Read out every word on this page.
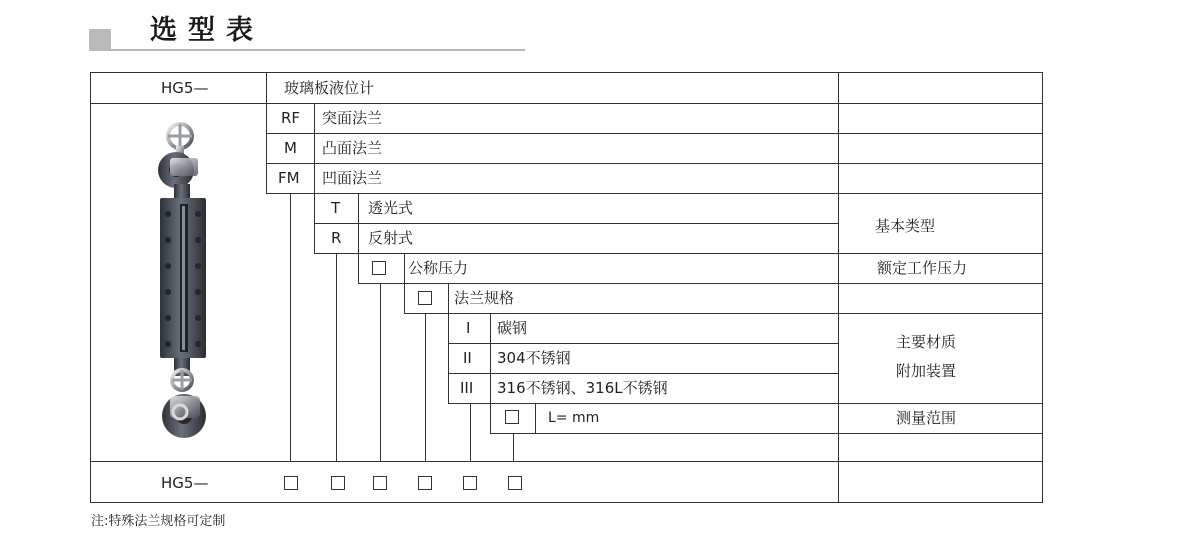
选型表
HG5—	玻璃板液位计
RF 突面法兰
M 凸面法兰
FM 凹面法兰
T 透光式
R 反射式
公称压力
法兰规格
I 碳钢
II 304不锈钢
III 316不锈钢、316L不锈钢
L= mm
基本类型
额定工作压力
主要材质
附加装置
测量范围
HG5—
注:特殊法兰规格可定制
